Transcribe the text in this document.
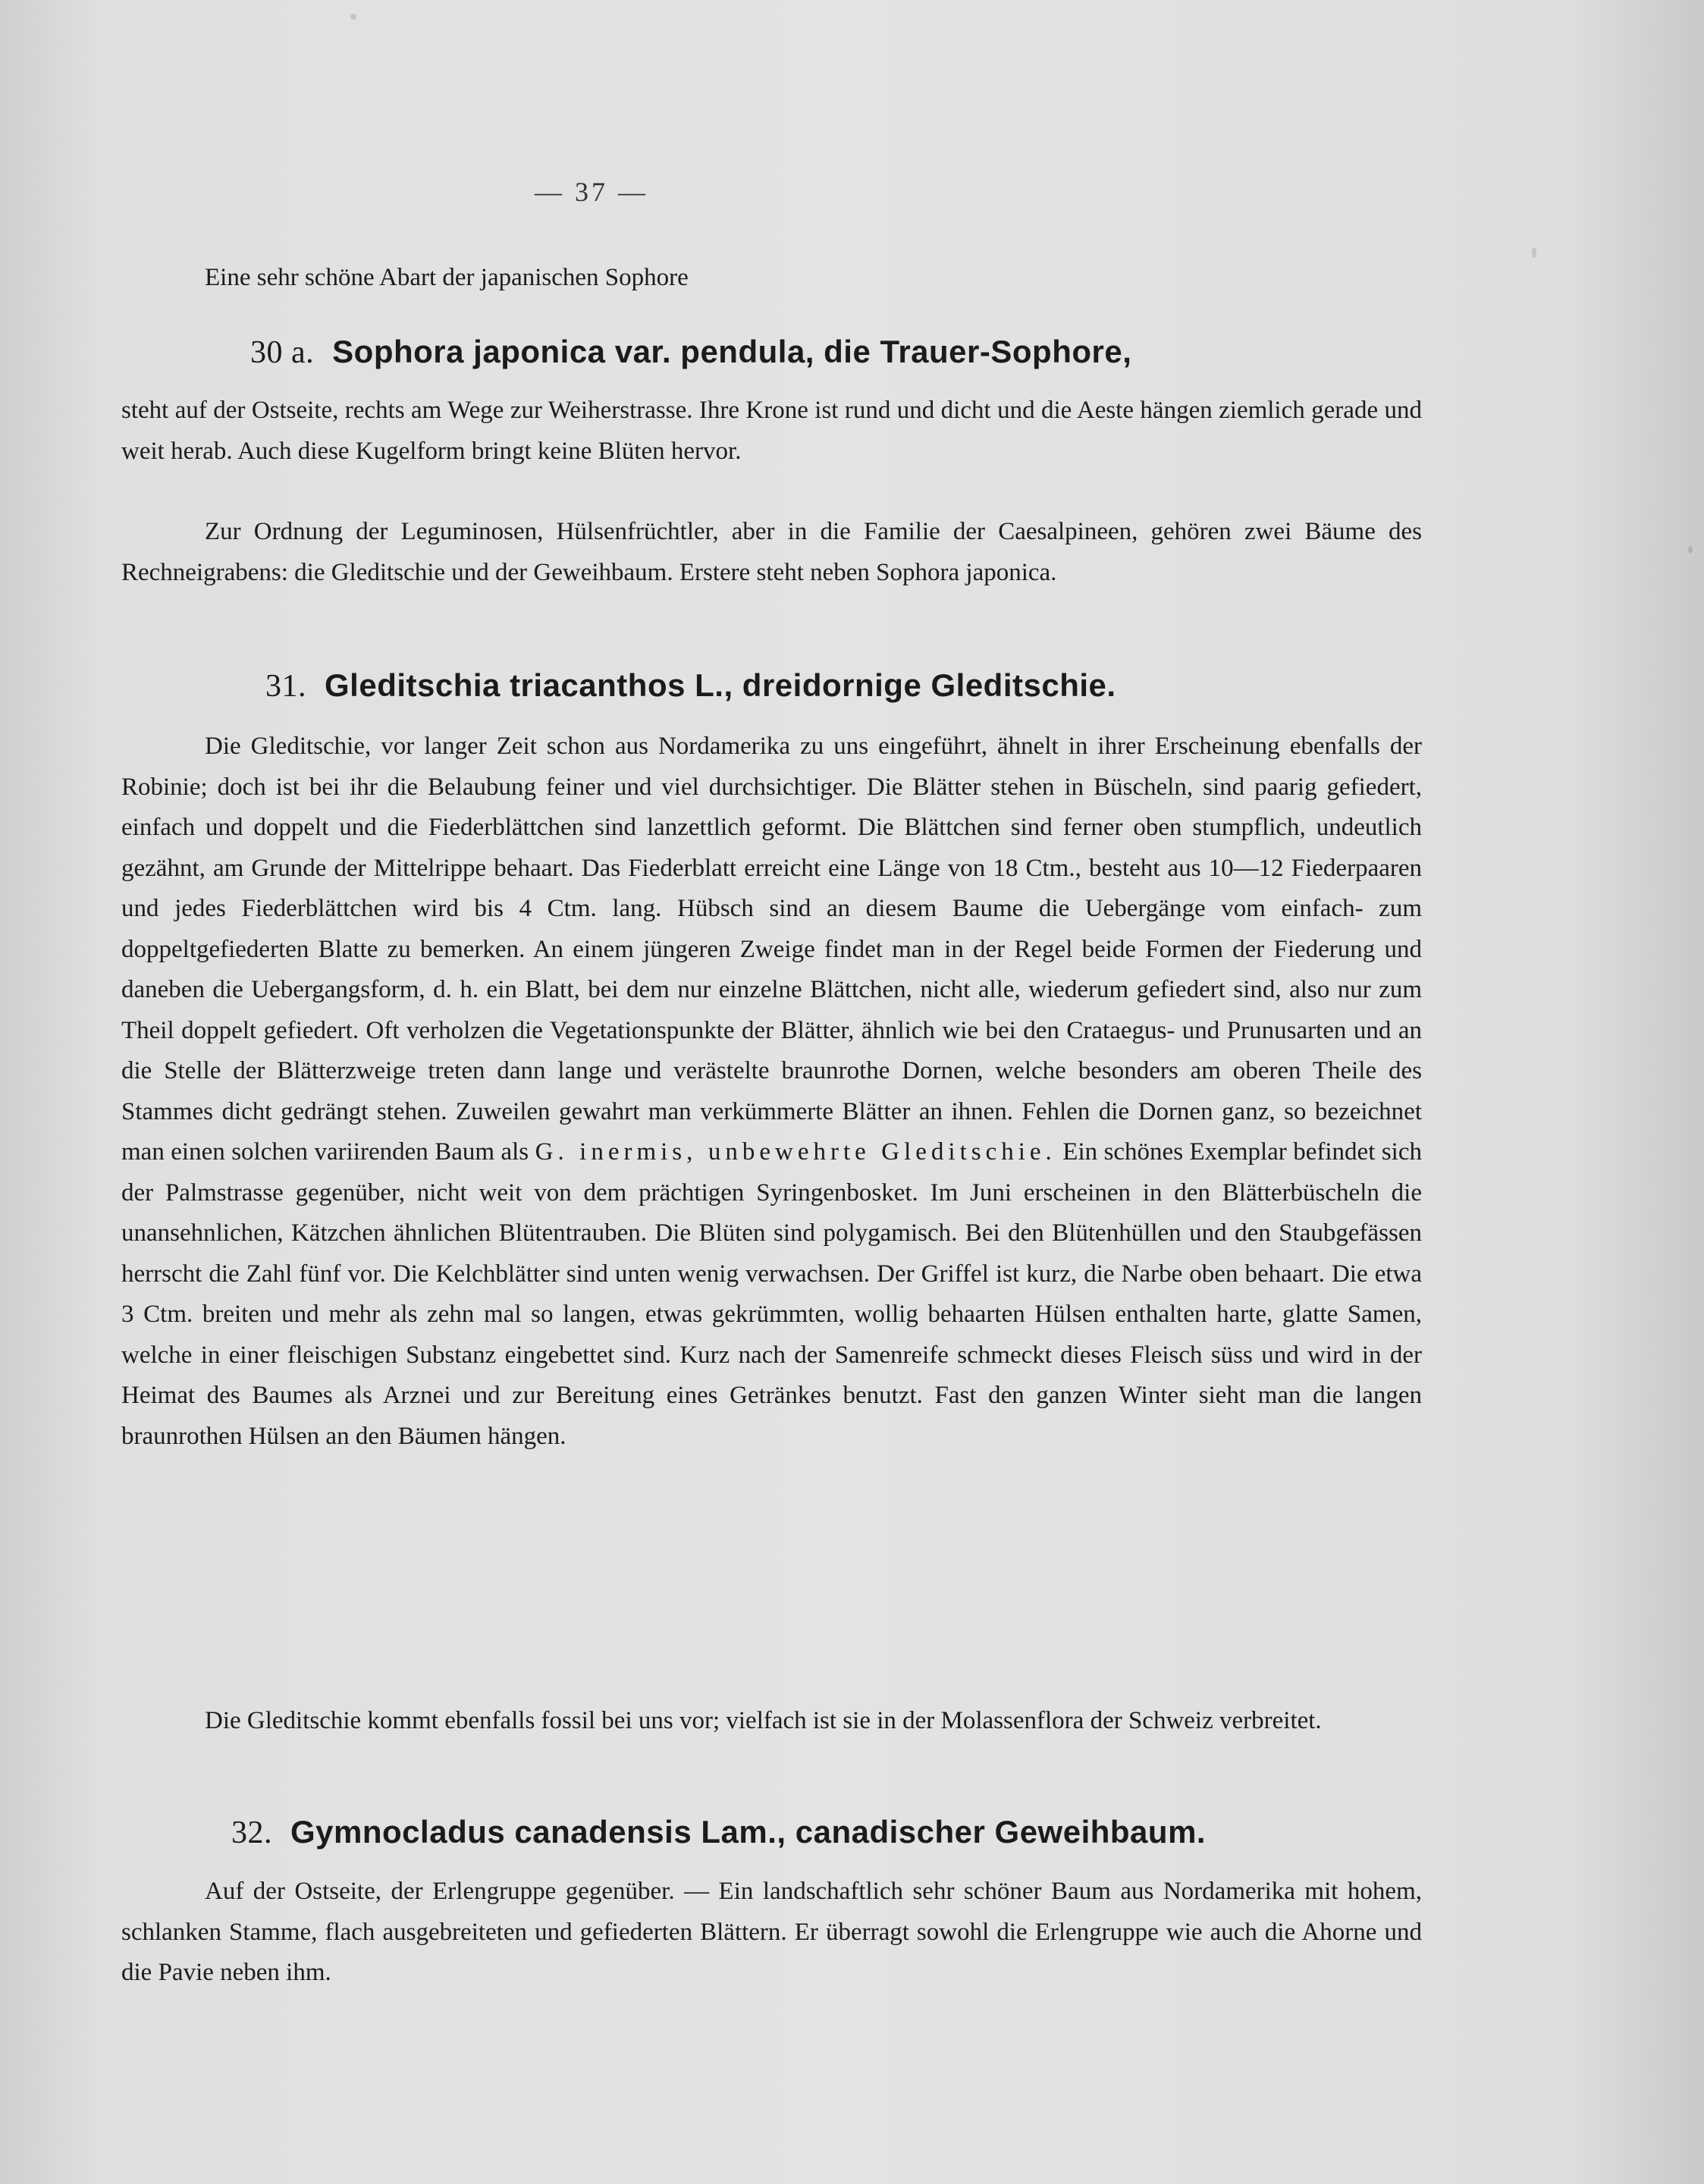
— 37 —

Eine sehr schöne Abart der japanischen Sophore

30 a. Sophora japonica var. pendula, die Trauer-Sophore,

steht auf der Ostseite, rechts am Wege zur Weiherstrasse. Ihre Krone ist rund und dicht und die Aeste hängen ziemlich gerade und weit herab. Auch diese Kugelform bringt keine Blüten hervor.

Zur Ordnung der Leguminosen, Hülsenfrüchtler, aber in die Familie der Caesalpineen, gehören zwei Bäume des Rechneigrabens: die Gleditschie und der Geweihbaum. Erstere steht neben Sophora japonica.

31. Gleditschia triacanthos L., dreidornige Gleditschie.

Die Gleditschie, vor langer Zeit schon aus Nordamerika zu uns eingeführt, ähnelt in ihrer Erscheinung ebenfalls der Robinie; doch ist bei ihr die Belaubung feiner und viel durchsichtiger. Die Blätter stehen in Büscheln, sind paarig gefiedert, einfach und doppelt und die Fiederblättchen sind lanzettlich geformt. Die Blättchen sind ferner oben stumpflich, undeutlich gezähnt, am Grunde der Mittelrippe behaart. Das Fiederblatt erreicht eine Länge von 18 Ctm., besteht aus 10—12 Fiederpaaren und jedes Fiederblättchen wird bis 4 Ctm. lang. Hübsch sind an diesem Baume die Uebergänge vom einfach- zum doppeltgefiederten Blatte zu bemerken. An einem jüngeren Zweige findet man in der Regel beide Formen der Fiederung und daneben die Uebergangsform, d. h. ein Blatt, bei dem nur einzelne Blättchen, nicht alle, wiederum gefiedert sind, also nur zum Theil doppelt gefiedert. Oft verholzen die Vegetationspunkte der Blätter, ähnlich wie bei den Crataegus- und Prunusarten und an die Stelle der Blätterzweige treten dann lange und verästelte braunrothe Dornen, welche besonders am oberen Theile des Stammes dicht gedrängt stehen. Zuweilen gewahrt man verkümmerte Blätter an ihnen. Fehlen die Dornen ganz, so bezeichnet man einen solchen variirenden Baum als G. inermis, unbewehrte Gleditschie. Ein schönes Exemplar befindet sich der Palmstrasse gegenüber, nicht weit von dem prächtigen Syringenbosket. Im Juni erscheinen in den Blätterbüscheln die unansehnlichen, Kätzchen ähnlichen Blütentrauben. Die Blüten sind polygamisch. Bei den Blütenhüllen und den Staubgefässen herrscht die Zahl fünf vor. Die Kelchblätter sind unten wenig verwachsen. Der Griffel ist kurz, die Narbe oben behaart. Die etwa 3 Ctm. breiten und mehr als zehn mal so langen, etwas gekrümmten, wollig behaarten Hülsen enthalten harte, glatte Samen, welche in einer fleischigen Substanz eingebettet sind. Kurz nach der Samenreife schmeckt dieses Fleisch süss und wird in der Heimat des Baumes als Arznei und zur Bereitung eines Getränkes benutzt. Fast den ganzen Winter sieht man die langen braunrothen Hülsen an den Bäumen hängen.

Die Gleditschie kommt ebenfalls fossil bei uns vor; vielfach ist sie in der Molassenflora der Schweiz verbreitet.

32. Gymnocladus canadensis Lam., canadischer Geweihbaum.

Auf der Ostseite, der Erlengruppe gegenüber. — Ein landschaftlich sehr schöner Baum aus Nordamerika mit hohem, schlanken Stamme, flach ausgebreiteten und gefiederten Blättern. Er überragt sowohl die Erlengruppe wie auch die Ahorne und die Pavie neben ihm.
